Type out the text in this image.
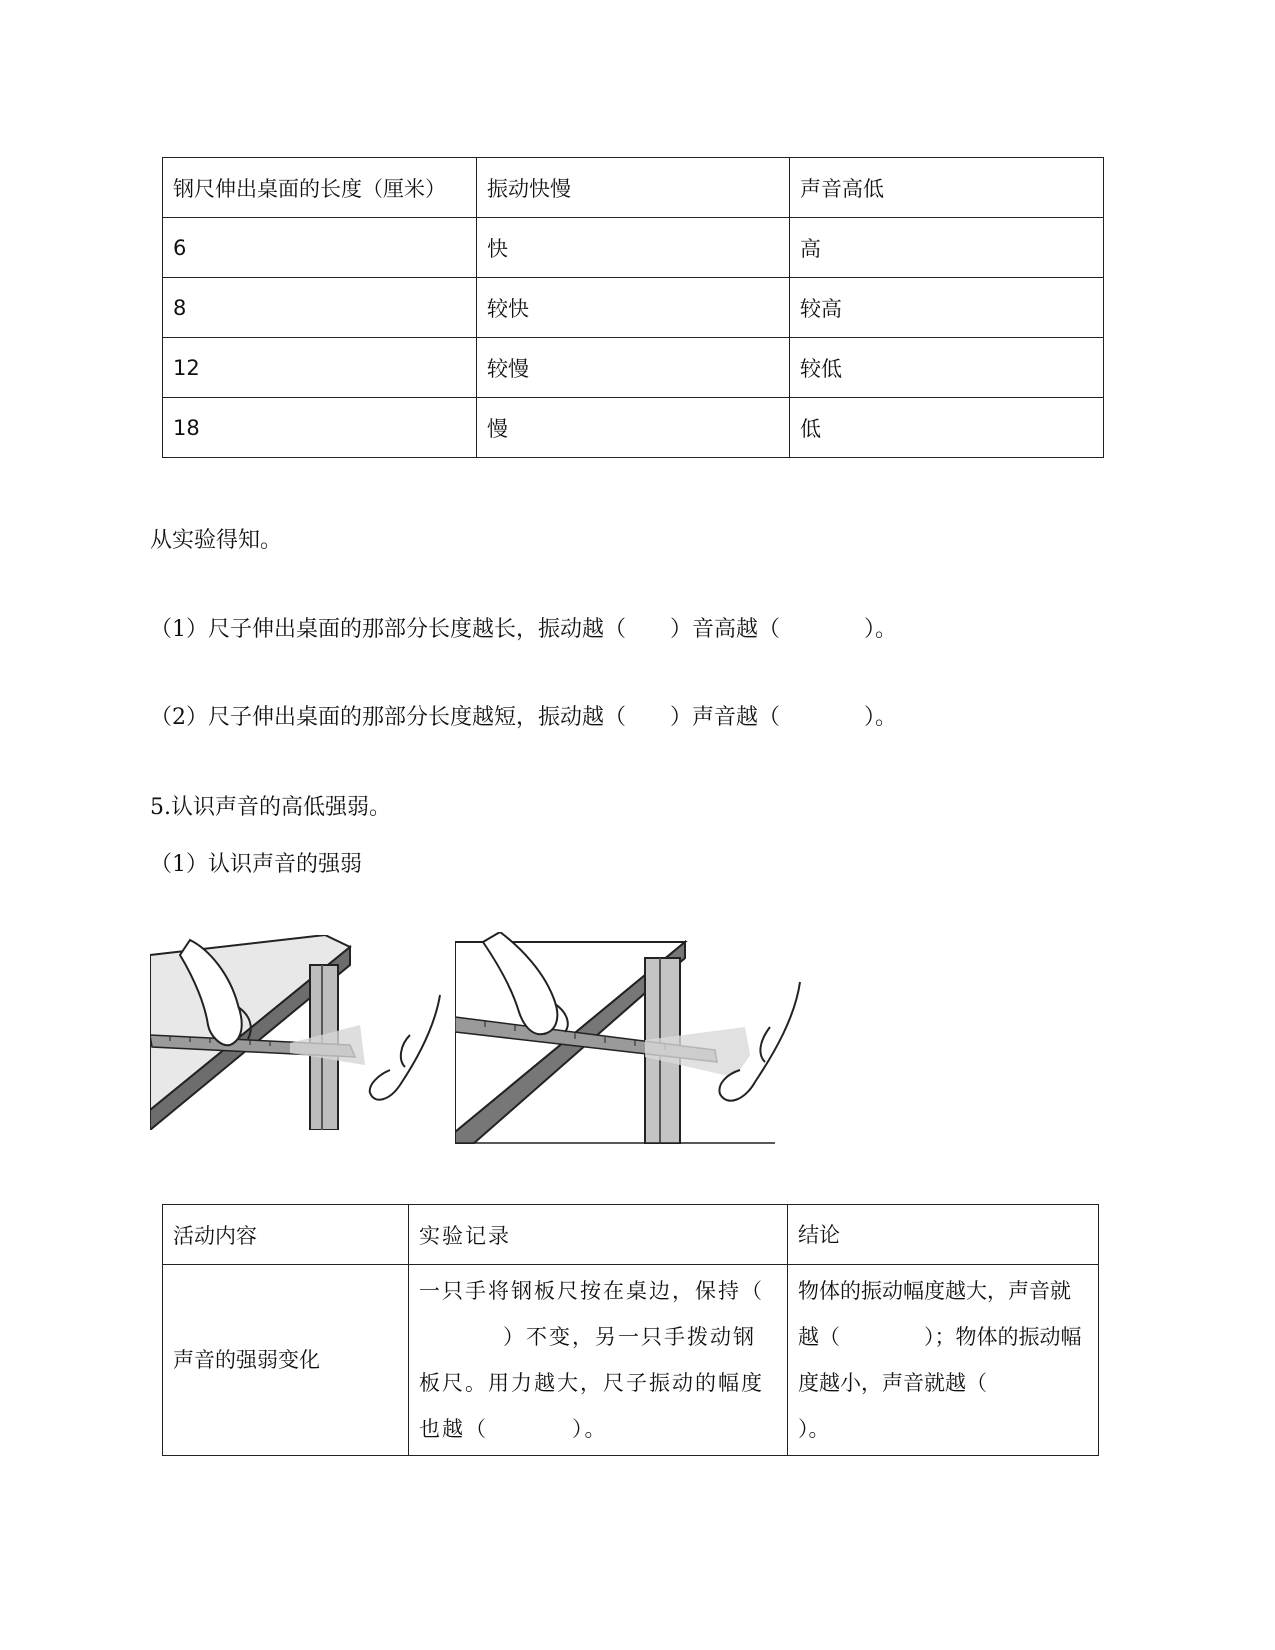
钢尺伸出桌面的长度（厘米）	振动快慢	声音高低
6	快	高
8	较快	较高
12	较慢	较低
18	慢	低
从实验得知。
（1）尺子伸出桌面的那部分长度越长，振动越（ ）音高越（	）。
（2）尺子伸出桌面的那部分长度越短，振动越（ ）声音越（	）。
5.认识声音的高低强弱。
（1）认识声音的强弱
活动内容	实验记录	结论
声音的强弱变化	一只手将钢板尺按在桌边，保持（）不变，另一只手拨动钢板尺。用力越大，尺子振动的幅度也越（ ）。	物体的振动幅度越大，声音就越（ ）；物体的振动幅度越小，声音就越（）。
